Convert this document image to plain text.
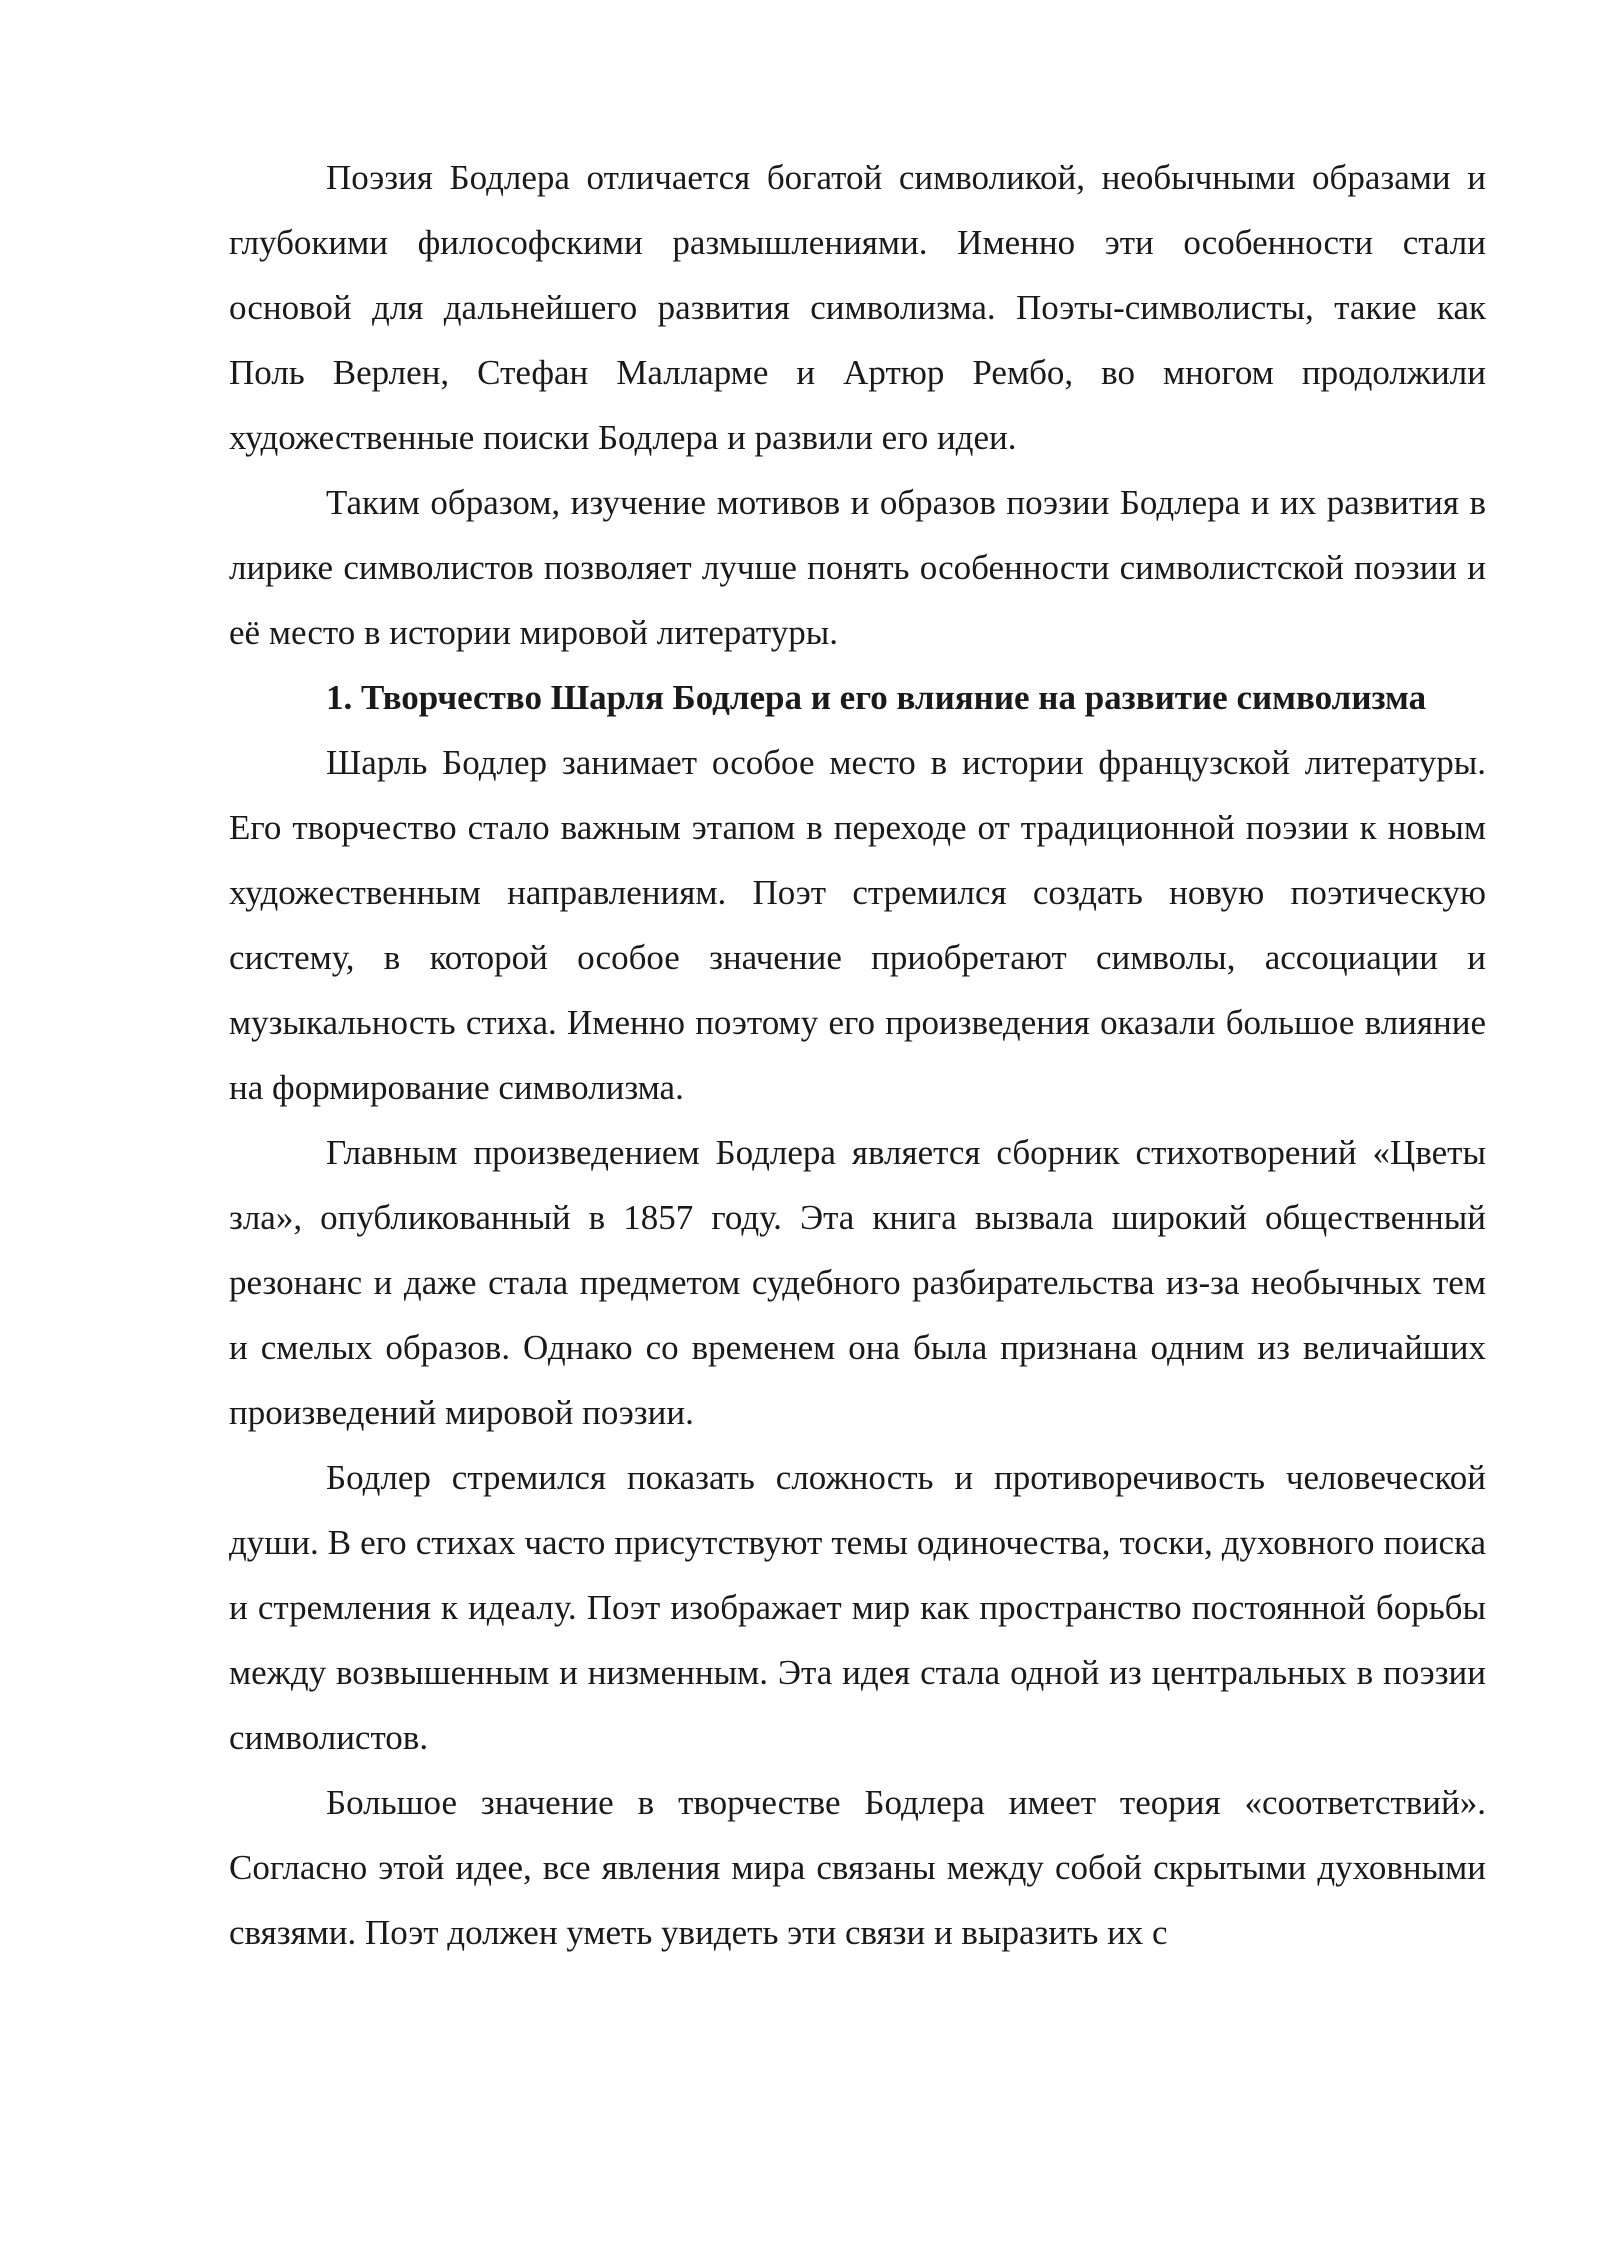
Поэзия Бодлера отличается богатой символикой, необычными образами и глубокими философскими размышлениями. Именно эти особенности стали основой для дальнейшего развития символизма. Поэты-символисты, такие как Поль Верлен, Стефан Малларме и Артюр Рембо, во многом продолжили художественные поиски Бодлера и развили его идеи.

Таким образом, изучение мотивов и образов поэзии Бодлера и их развития в лирике символистов позволяет лучше понять особенности символистской поэзии и её место в истории мировой литературы.

1. Творчество Шарля Бодлера и его влияние на развитие символизма

Шарль Бодлер занимает особое место в истории французской литературы. Его творчество стало важным этапом в переходе от традиционной поэзии к новым художественным направлениям. Поэт стремился создать новую поэтическую систему, в которой особое значение приобретают символы, ассоциации и музыкальность стиха. Именно поэтому его произведения оказали большое влияние на формирование символизма.

Главным произведением Бодлера является сборник стихотворений «Цветы зла», опубликованный в 1857 году. Эта книга вызвала широкий общественный резонанс и даже стала предметом судебного разбирательства из-за необычных тем и смелых образов. Однако со временем она была признана одним из величайших произведений мировой поэзии.

Бодлер стремился показать сложность и противоречивость человеческой души. В его стихах часто присутствуют темы одиночества, тоски, духовного поиска и стремления к идеалу. Поэт изображает мир как пространство постоянной борьбы между возвышенным и низменным. Эта идея стала одной из центральных в поэзии символистов.

Большое значение в творчестве Бодлера имеет теория «соответствий». Согласно этой идее, все явления мира связаны между собой скрытыми духовными связями. Поэт должен уметь увидеть эти связи и выразить их с
